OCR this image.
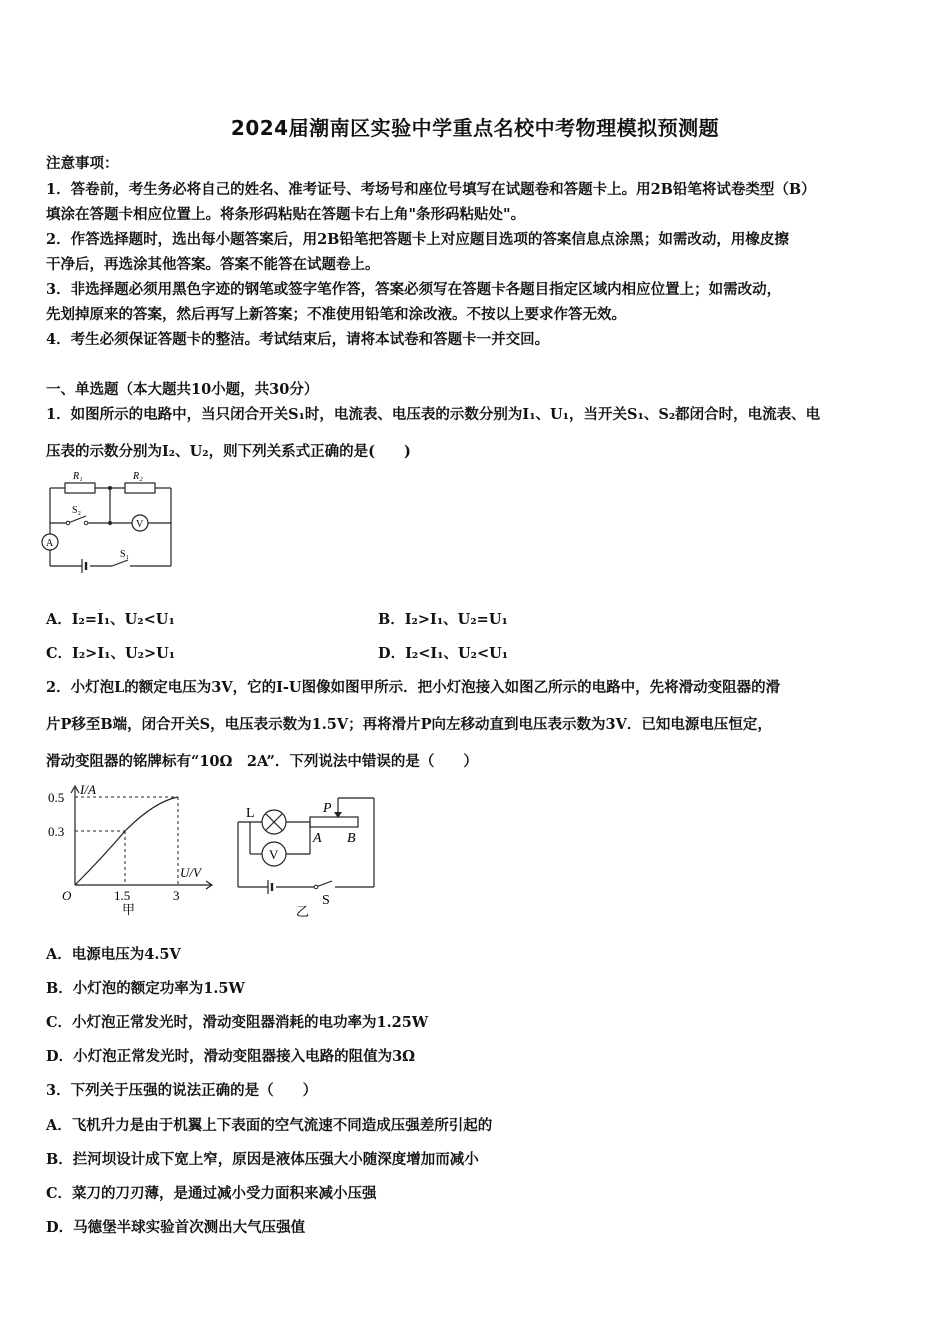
2024届潮南区实验中学重点名校中考物理模拟预测题
注意事项：
1．答卷前，考生务必将自己的姓名、准考证号、考场号和座位号填写在试题卷和答题卡上。用2B铅笔将试卷类型（B）
填涂在答题卡相应位置上。将条形码粘贴在答题卡右上角"条形码粘贴处"。
2．作答选择题时，选出每小题答案后，用2B铅笔把答题卡上对应题目选项的答案信息点涂黑；如需改动，用橡皮擦
干净后，再选涂其他答案。答案不能答在试题卷上。
3．非选择题必须用黑色字迹的钢笔或签字笔作答，答案必须写在答题卡各题目指定区域内相应位置上；如需改动，
先划掉原来的答案，然后再写上新答案；不准使用铅笔和涂改液。不按以上要求作答无效。
4．考生必须保证答题卡的整洁。考试结束后，请将本试卷和答题卡一并交回。
一、单选题（本大题共10小题，共30分）
1．如图所示的电路中，当只闭合开关S₁时，电流表、电压表的示数分别为I₁、U₁，当开关S₁、S₂都闭合时，电流表、电
压表的示数分别为I₂、U₂，则下列关系式正确的是(　　)
R₁	R₂
S₂
S₁
V
A
A．I₂=I₁、U₂<U₁	B．I₂>I₁、U₂=U₁
C．I₂>I₁、U₂>U₁	D．I₂<I₁、U₂<U₁
2．小灯泡L的额定电压为3V，它的I-U图像如图甲所示．把小灯泡接入如图乙所示的电路中，先将滑动变阻器的滑
片P移至B端，闭合开关S，电压表示数为1.5V；再将滑片P向左移动直到电压表示数为3V．已知电源电压恒定，
滑动变阻器的铭牌标有“10Ω　2A”．下列说法中错误的是（　　）
I/A
U/V
0.5
0.3
O	1.5	3
甲
L	P
A B
V
S
乙
A．电源电压为4.5V
B．小灯泡的额定功率为1.5W
C．小灯泡正常发光时，滑动变阻器消耗的电功率为1.25W
D．小灯泡正常发光时，滑动变阻器接入电路的阻值为3Ω
3．下列关于压强的说法正确的是（　　）
A．飞机升力是由于机翼上下表面的空气流速不同造成压强差所引起的
B．拦河坝设计成下宽上窄，原因是液体压强大小随深度增加而减小
C．菜刀的刀刃薄，是通过减小受力面积来减小压强
D．马德堡半球实验首次测出大气压强值
